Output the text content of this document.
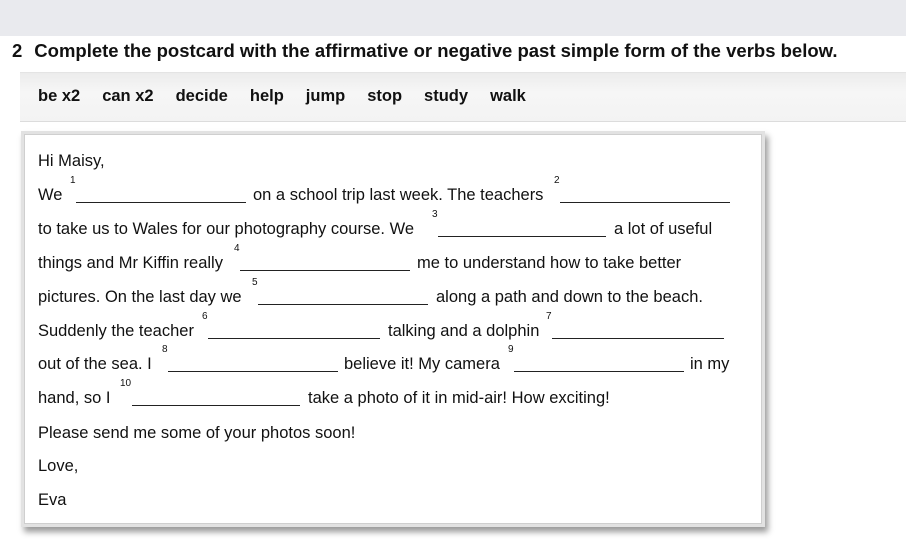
2 Complete the postcard with the affirmative or negative past simple form of the verbs below.
be x2 can x2 decide help jump stop study walk
Hi Maisy,
We
1
on a school trip last week. The teachers
2
to take us to Wales for our photography course. We
3
a lot of useful
things and Mr Kiffin really
4
me to understand how to take better
pictures. On the last day we
5
along a path and down to the beach.
Suddenly the teacher
6
talking and a dolphin
7
out of the sea. I
8
believe it! My camera
9
in my
hand, so I
10
take a photo of it in mid-air! How exciting!
Please send me some of your photos soon!
Love,
Eva
